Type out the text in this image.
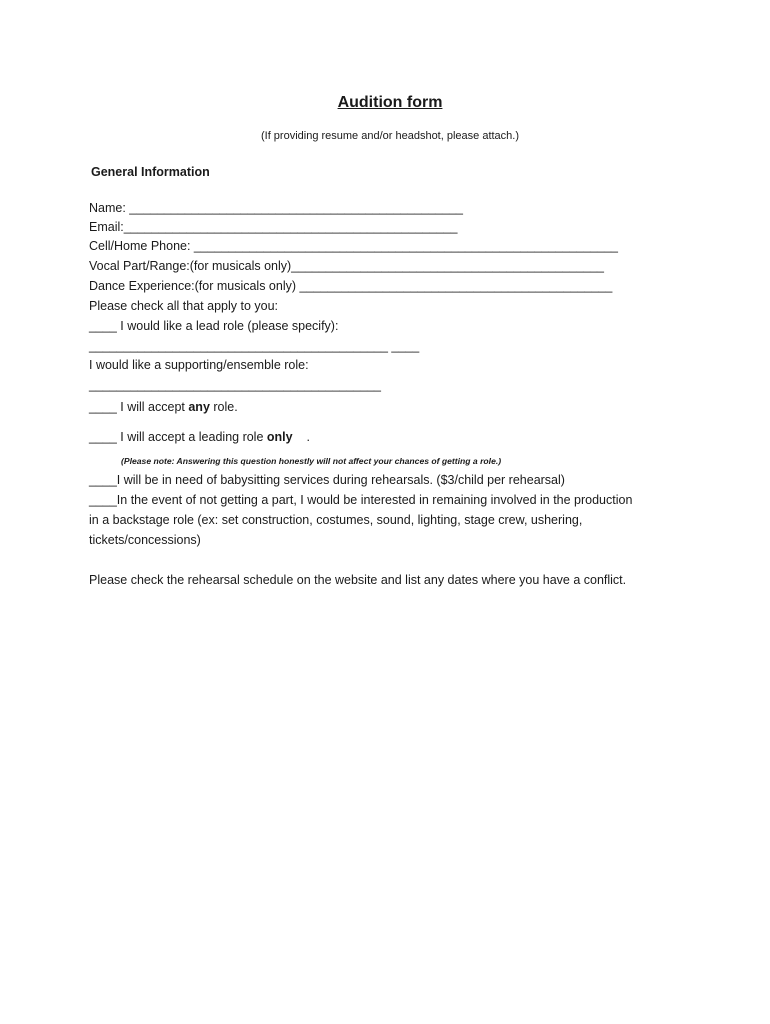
Audition form
(If providing resume and/or headshot, please attach.)
General Information
Name: ________________________________________________
Email:________________________________________________
Cell/Home Phone: _____________________________________________________________
Vocal Part/Range:(for musicals only)_____________________________________________
Dance Experience:(for musicals only) _____________________________________________
Please check all that apply to you:
____ I would like a lead role (please specify):
___________________________________________ ____
I would like a supporting/ensemble role:
__________________________________________
____ I will accept any role.
____ I will accept a leading role only    .
(Please note: Answering this question honestly will not affect your chances of getting a role.)
____I will be in need of babysitting services during rehearsals. ($3/child per rehearsal)
____In the event of not getting a part, I would be interested in remaining involved in the production
in a backstage role (ex: set construction, costumes, sound, lighting, stage crew, ushering,
tickets/concessions)
Please check the rehearsal schedule on the website and list any dates where you have a conflict.
